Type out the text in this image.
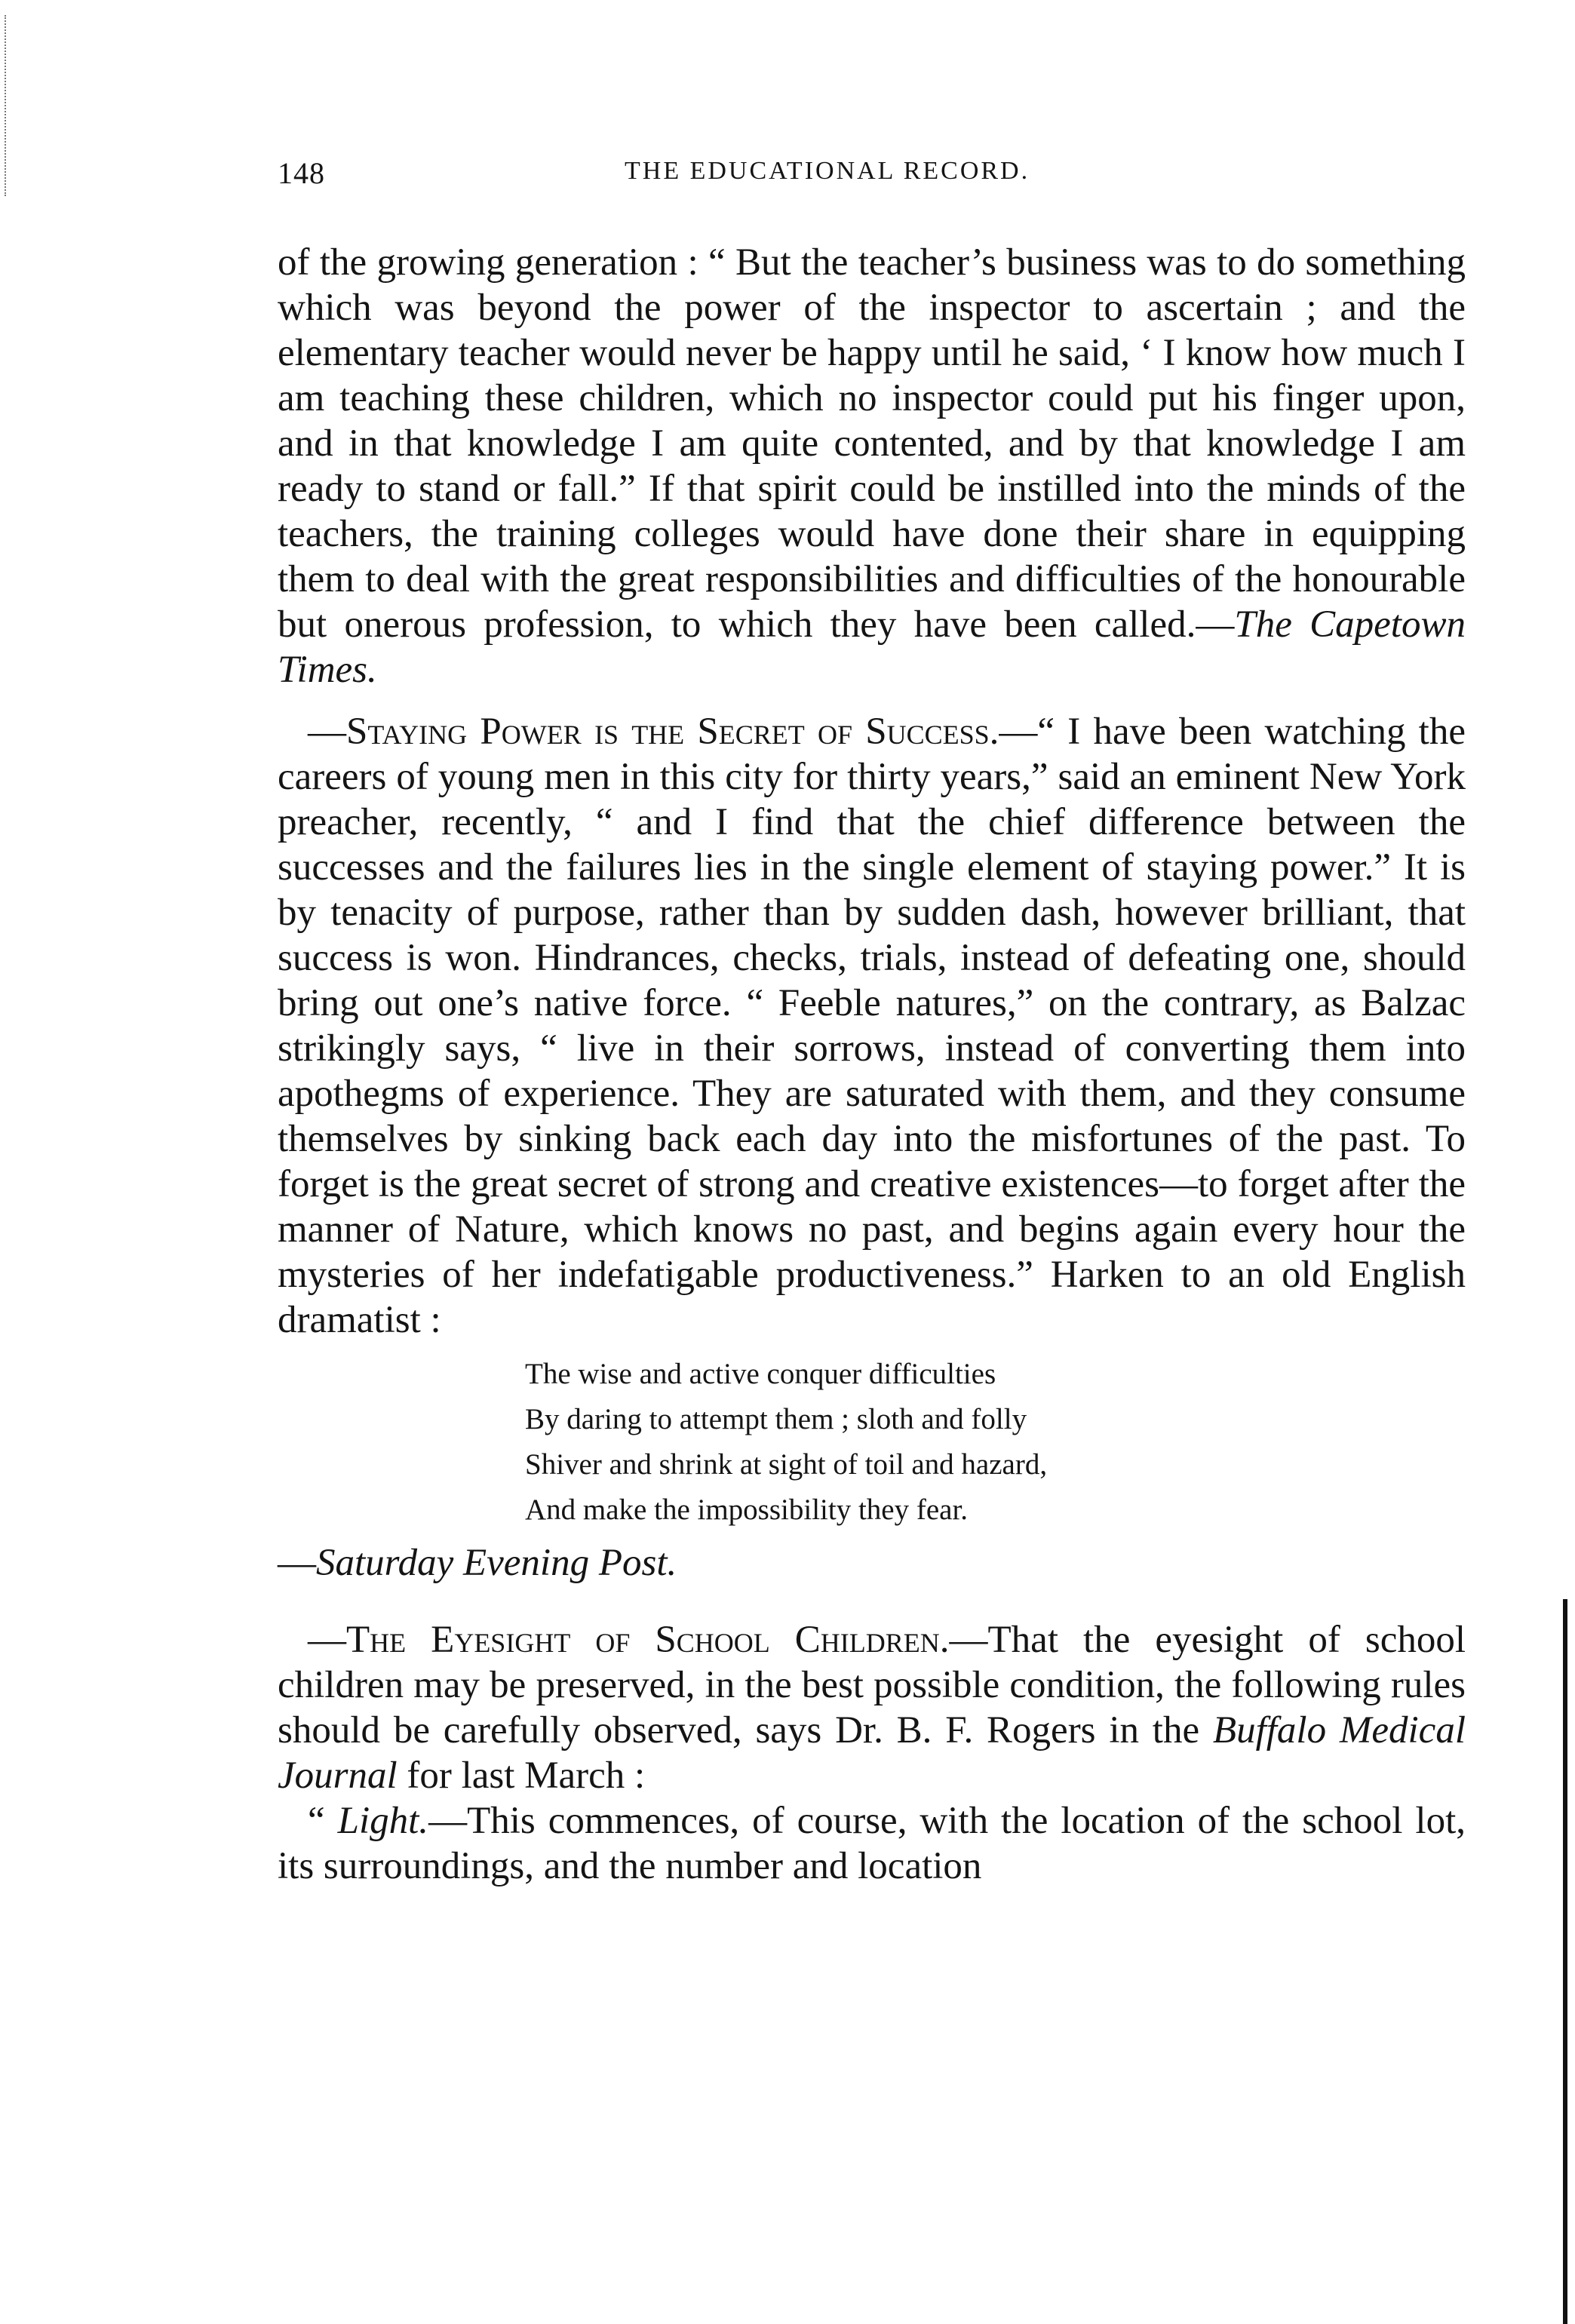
148	THE EDUCATIONAL RECORD.

of the growing generation : “ But the teacher’s business was to do something which was beyond the power of the inspector to ascertain ; and the elementary teacher would never be happy until he said, ‘ I know how much I am teaching these children, which no inspector could put his finger upon, and in that knowledge I am quite contented, and by that knowledge I am ready to stand or fall.” If that spirit could be instilled into the minds of the teachers, the training colleges would have done their share in equipping them to deal with the great responsibilities and difficulties of the honourable but onerous profession, to which they have been called.—The Capetown Times.

—Staying Power is the Secret of Success.—“ I have been watching the careers of young men in this city for thirty years,” said an eminent New York preacher, recently, “ and I find that the chief difference between the successes and the failures lies in the single element of staying power.” It is by tenacity of purpose, rather than by sudden dash, however brilliant, that success is won. Hindrances, checks, trials, instead of defeating one, should bring out one’s native force. “ Feeble natures,” on the contrary, as Balzac strikingly says, “ live in their sorrows, instead of converting them into apothegms of experience. They are saturated with them, and they consume themselves by sinking back each day into the misfortunes of the past. To forget is the great secret of strong and creative existences—to forget after the manner of Nature, which knows no past, and begins again every hour the mysteries of her indefatigable productiveness.” Harken to an old English dramatist :

The wise and active conquer difficulties
By daring to attempt them ; sloth and folly
Shiver and shrink at sight of toil and hazard,
And make the impossibility they fear.

—Saturday Evening Post.

—The Eyesight of School Children.—That the eyesight of school children may be preserved, in the best possible condition, the following rules should be carefully observed, says Dr. B. F. Rogers in the Buffalo Medical Journal for last March :

“ Light.—This commences, of course, with the location of the school lot, its surroundings, and the number and location
